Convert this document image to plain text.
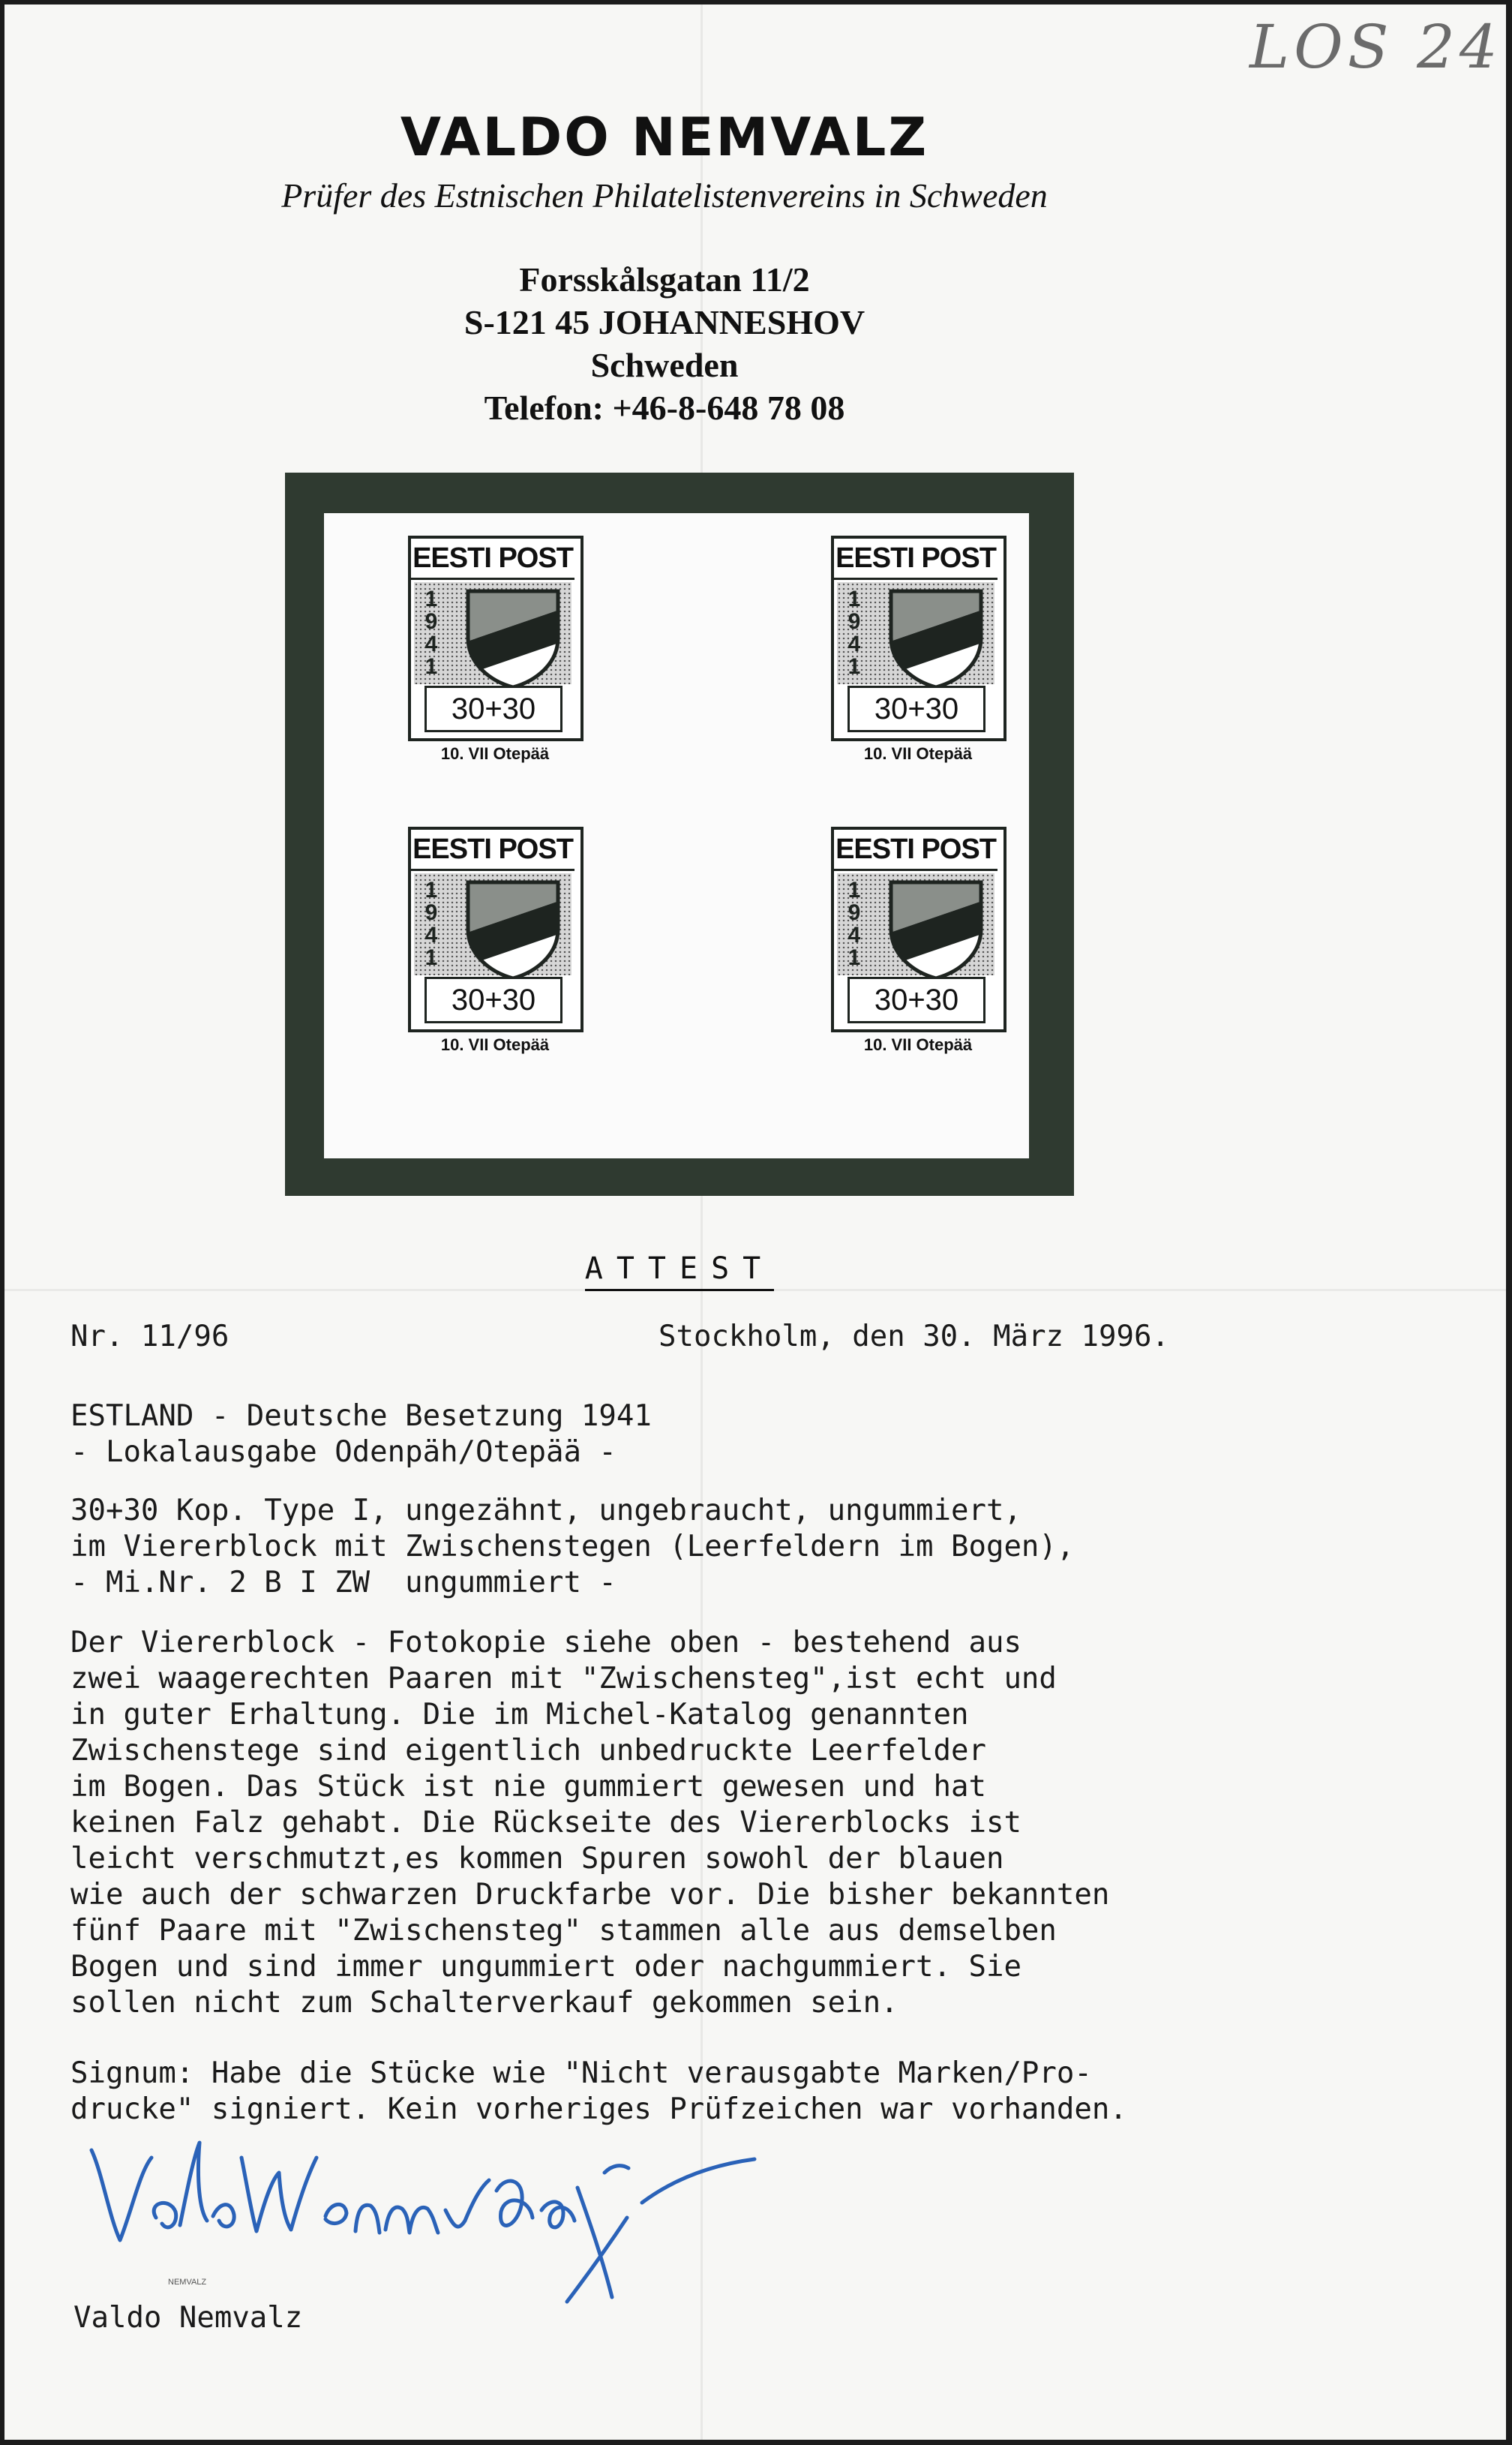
LOS 24
VALDO NEMVALZ
Prüfer des Estnischen Philatelistenvereins in Schweden
Forsskålsgatan 11/2
S-121 45 JOHANNESHOV
Schweden
Telefon: +46-8-648 78 08
EESTI POST
1
9
4
1
30+30
10. VII Otepää
EESTI POST
1
9
4
1
30+30
10. VII Otepää
EESTI POST
1
9
4
1
30+30
10. VII Otepää
EESTI POST
1
9
4
1
30+30
10. VII Otepää
ATTEST
Nr. 11/96	Stockholm, den 30. März 1996.
ESTLAND - Deutsche Besetzung 1941
- Lokalausgabe Odenpäh/Otepää -
30+30 Kop. Type I, ungezähnt, ungebraucht, ungummiert,
im Viererblock mit Zwischenstegen (Leerfeldern im Bogen),
- Mi.Nr. 2 B I ZW  ungummiert -
Der Viererblock - Fotokopie siehe oben - bestehend aus
zwei waagerechten Paaren mit "Zwischensteg",ist echt und
in guter Erhaltung. Die im Michel-Katalog genannten
Zwischenstege sind eigentlich unbedruckte Leerfelder
im Bogen. Das Stück ist nie gummiert gewesen und hat
keinen Falz gehabt. Die Rückseite des Viererblocks ist
leicht verschmutzt,es kommen Spuren sowohl der blauen
wie auch der schwarzen Druckfarbe vor. Die bisher bekannten
fünf Paare mit "Zwischensteg" stammen alle aus demselben
Bogen und sind immer ungummiert oder nachgummiert. Sie
sollen nicht zum Schalterverkauf gekommen sein.
Signum: Habe die Stücke wie "Nicht verausgabte Marken/Pro-
drucke" signiert. Kein vorheriges Prüfzeichen war vorhanden.
NEMVALZ
Valdo Nemvalz
